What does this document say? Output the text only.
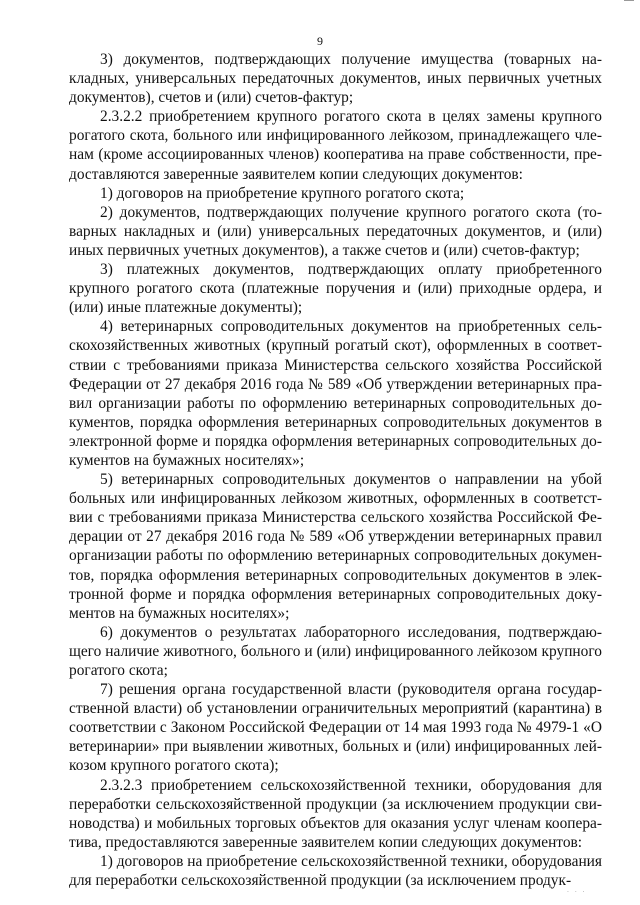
9

3) документов, подтверждающих получение имущества (товарных накладных, универсальных передаточных документов, иных первичных учетных документов), счетов и (или) счетов-фактур;

2.3.2.2 приобретением крупного рогатого скота в целях замены крупного рогатого скота, больного или инфицированного лейкозом, принадлежащего членам (кроме ассоциированных членов) кооператива на праве собственности, предоставляются заверенные заявителем копии следующих документов:

1) договоров на приобретение крупного рогатого скота;

2) документов, подтверждающих получение крупного рогатого скота (товарных накладных и (или) универсальных передаточных документов, и (или) иных первичных учетных документов), а также счетов и (или) счетов-фактур;

3) платежных документов, подтверждающих оплату приобретенного крупного рогатого скота (платежные поручения и (или) приходные ордера, и (или) иные платежные документы);

4) ветеринарных сопроводительных документов на приобретенных сельскохозяйственных животных (крупный рогатый скот), оформленных в соответствии с требованиями приказа Министерства сельского хозяйства Российской Федерации от 27 декабря 2016 года № 589 «Об утверждении ветеринарных правил организации работы по оформлению ветеринарных сопроводительных документов, порядка оформления ветеринарных сопроводительных документов в электронной форме и порядка оформления ветеринарных сопроводительных документов на бумажных носителях»;

5) ветеринарных сопроводительных документов о направлении на убой больных или инфицированных лейкозом животных, оформленных в соответствии с требованиями приказа Министерства сельского хозяйства Российской Федерации от 27 декабря 2016 года № 589 «Об утверждении ветеринарных правил организации работы по оформлению ветеринарных сопроводительных документов, порядка оформления ветеринарных сопроводительных документов в электронной форме и порядка оформления ветеринарных сопроводительных документов на бумажных носителях»;

6) документов о результатах лабораторного исследования, подтверждающего наличие животного, больного и (или) инфицированного лейкозом крупного рогатого скота;

7) решения органа государственной власти (руководителя органа государственной власти) об установлении ограничительных мероприятий (карантина) в соответствии с Законом Российской Федерации от 14 мая 1993 года № 4979-1 «О ветеринарии» при выявлении животных, больных и (или) инфицированных лейкозом крупного рогатого скота);

2.3.2.3 приобретением сельскохозяйственной техники, оборудования для переработки сельскохозяйственной продукции (за исключением продукции свиноводства) и мобильных торговых объектов для оказания услуг членам кооператива, предоставляются заверенные заявителем копии следующих документов:

1) договоров на приобретение сельскохозяйственной техники, оборудования для переработки сельскохозяйственной продукции (за исключением продук-

· · ·
